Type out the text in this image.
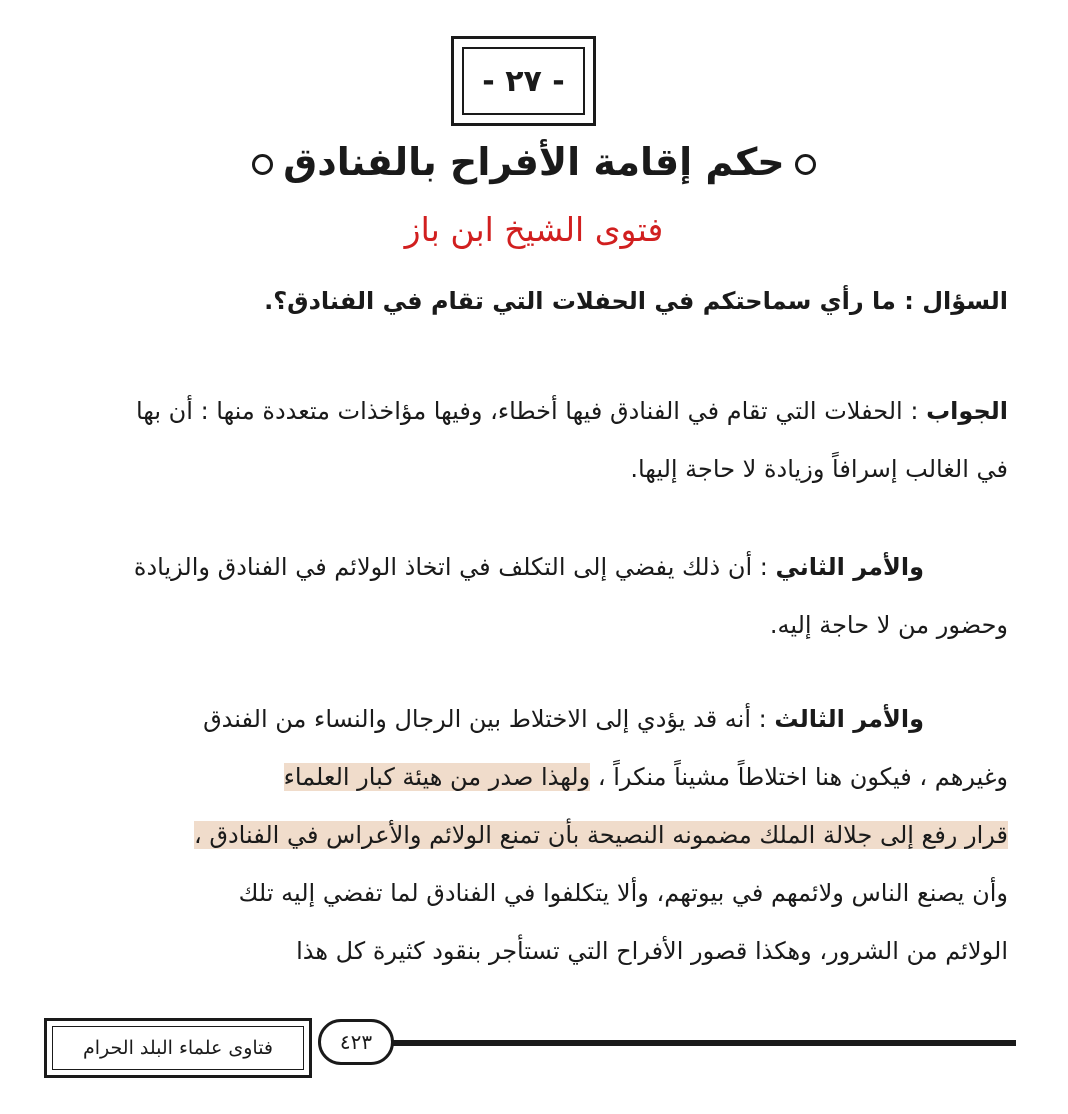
- ٢٧ -
حكم إقامة الأفراح بالفنادق
فتوى الشيخ ابن باز
السؤال : ما رأي سماحتكم في الحفلات التي تقام في الفنادق؟.
الجواب : الحفلات التي تقام في الفنادق فيها أخطاء، وفيها مؤاخذات متعددة منها : أن بها
في الغالب إسرافاً وزيادة لا حاجة إليها.
والأمر الثاني : أن ذلك يفضي إلى التكلف في اتخاذ الولائم في الفنادق والزيادة
وحضور من لا حاجة إليه.
والأمر الثالث : أنه قد يؤدي إلى الاختلاط بين الرجال والنساء من الفندق
وغيرهم ، فيكون هنا اختلاطاً مشيناً منكراً ، ولهذا صدر من هيئة كبار العلماء
قرار رفع إلى جلالة الملك مضمونه النصيحة بأن تمنع الولائم والأعراس في الفنادق ،
وأن يصنع الناس ولائمهم في بيوتهم، وألا يتكلفوا في الفنادق لما تفضي إليه تلك
الولائم من الشرور، وهكذا قصور الأفراح التي تستأجر بنقود كثيرة كل هذا
٤٢٣
فتاوى علماء البلد الحرام
